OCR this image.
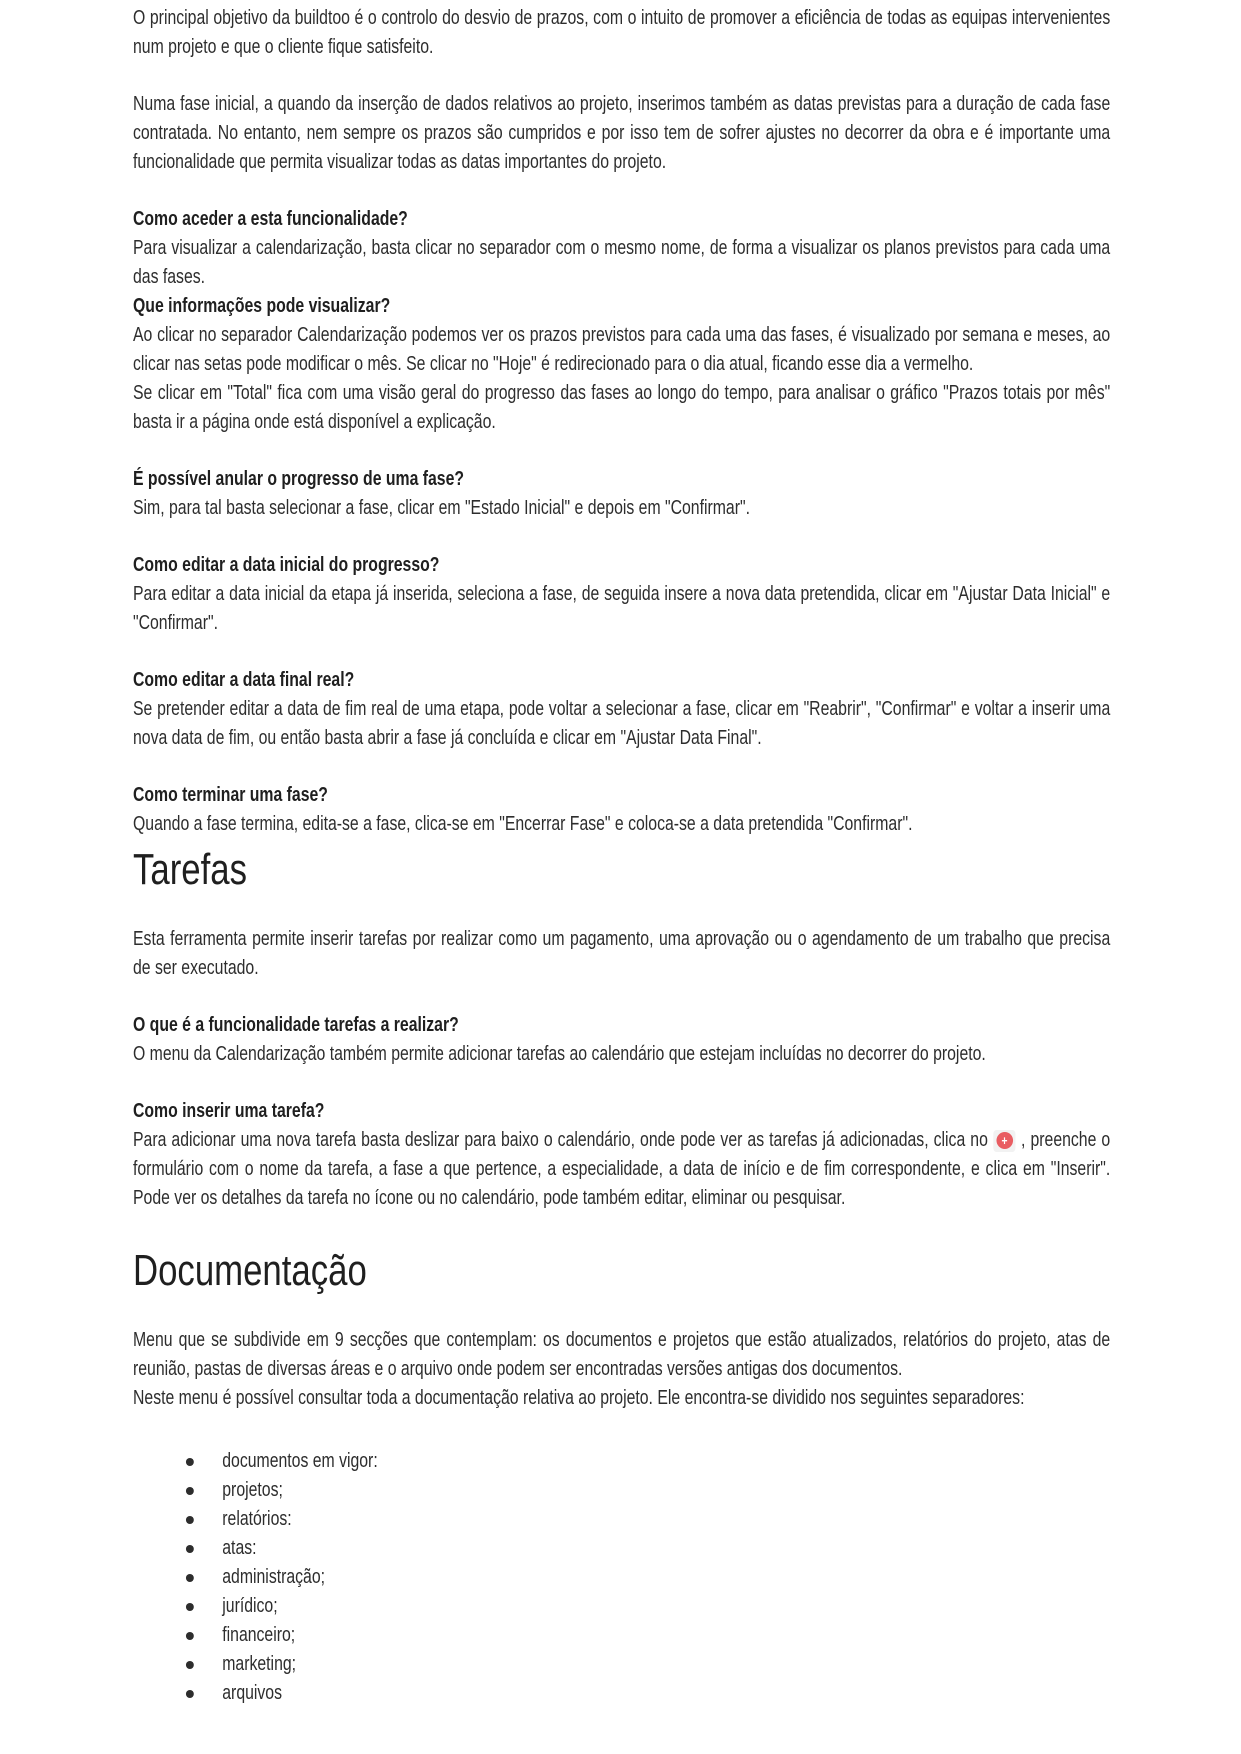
O principal objetivo da buildtoo é o controlo do desvio de prazos, com o intuito de promover a eficiência de todas as equipas intervenientes num projeto e que o cliente fique satisfeito.

Numa fase inicial, a quando da inserção de dados relativos ao projeto, inserimos também as datas previstas para a duração de cada fase contratada. No entanto, nem sempre os prazos são cumpridos e por isso tem de sofrer ajustes no decorrer da obra e é importante uma funcionalidade que permita visualizar todas as datas importantes do projeto.

Como aceder a esta funcionalidade?

Para visualizar a calendarização, basta clicar no separador com o mesmo nome, de forma a visualizar os planos previstos para cada uma das fases.

Que informações pode visualizar?

Ao clicar no separador Calendarização podemos ver os prazos previstos para cada uma das fases, é visualizado por semana e meses, ao clicar nas setas pode modificar o mês. Se clicar no "Hoje" é redirecionado para o dia atual, ficando esse dia a vermelho.

Se clicar em "Total" fica com uma visão geral do progresso das fases ao longo do tempo, para analisar o gráfico "Prazos totais por mês" basta ir a página onde está disponível a explicação.

É possível anular o progresso de uma fase?

Sim, para tal basta selecionar a fase, clicar em "Estado Inicial" e depois em "Confirmar".

Como editar a data inicial do progresso?

Para editar a data inicial da etapa já inserida, seleciona a fase, de seguida insere a nova data pretendida, clicar em "Ajustar Data Inicial" e "Confirmar".

Como editar a data final real?

Se pretender editar a data de fim real de uma etapa, pode voltar a selecionar a fase, clicar em "Reabrir", "Confirmar" e voltar a inserir uma nova data de fim, ou então basta abrir a fase já concluída e clicar em "Ajustar Data Final".

Como terminar uma fase?

Quando a fase termina, edita-se a fase, clica-se em "Encerrar Fase" e coloca-se a data pretendida "Confirmar".

Tarefas

Esta ferramenta permite inserir tarefas por realizar como um pagamento, uma aprovação ou o agendamento de um trabalho que precisa de ser executado.

O que é a funcionalidade tarefas a realizar?

O menu da Calendarização também permite adicionar tarefas ao calendário que estejam incluídas no decorrer do projeto.

Como inserir uma tarefa?

Para adicionar uma nova tarefa basta deslizar para baixo o calendário, onde pode ver as tarefas já adicionadas, clica no	+ , preenche o formulário com o nome da tarefa, a fase a que pertence, a especialidade, a data de início e de fim correspondente, e clica em "Inserir". Pode ver os detalhes da tarefa no ícone ou no calendário, pode também editar, eliminar ou pesquisar.

Documentação

Menu que se subdivide em 9 secções que contemplam: os documentos e projetos que estão atualizados, relatórios do projeto, atas de reunião, pastas de diversas áreas e o arquivo onde podem ser encontradas versões antigas dos documentos.

Neste menu é possível consultar toda a documentação relativa ao projeto. Ele encontra-se dividido nos seguintes separadores:

documentos em vigor:
projetos;
relatórios:
atas:
administração;
jurídico;
financeiro;
marketing;
arquivos
